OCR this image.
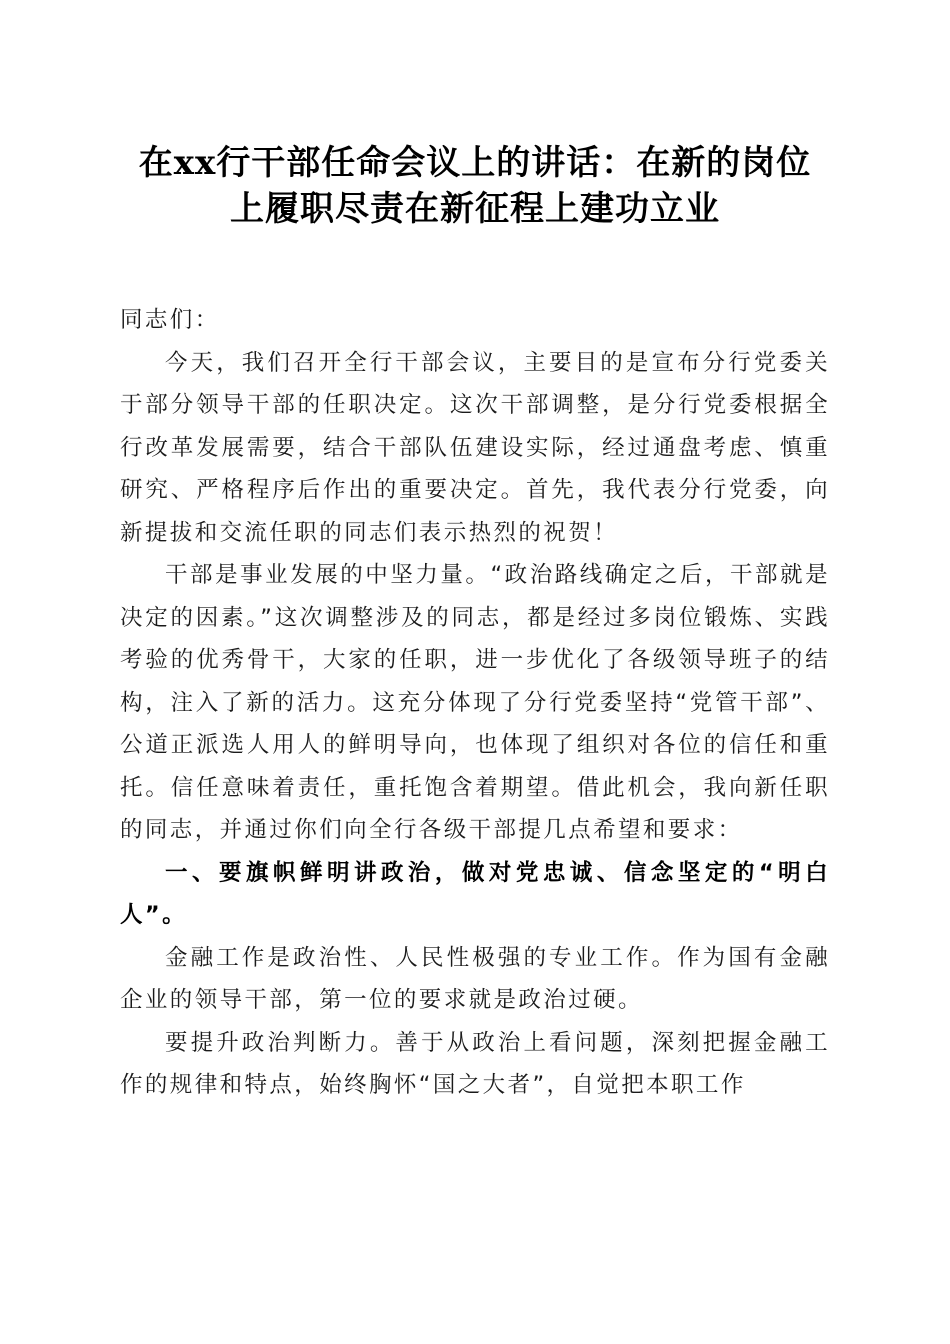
在xx行干部任命会议上的讲话：在新的岗位
上履职尽责在新征程上建功立业

同志们：

今天，我们召开全行干部会议，主要目的是宣布分行党委关于部分领导干部的任职决定。这次干部调整，是分行党委根据全行改革发展需要，结合干部队伍建设实际，经过通盘考虑、慎重研究、严格程序后作出的重要决定。首先，我代表分行党委，向新提拔和交流任职的同志们表示热烈的祝贺！

干部是事业发展的中坚力量。“政治路线确定之后，干部就是决定的因素。”这次调整涉及的同志，都是经过多岗位锻炼、实践考验的优秀骨干，大家的任职，进一步优化了各级领导班子的结构，注入了新的活力。这充分体现了分行党委坚持“党管干部”、公道正派选人用人的鲜明导向，也体现了组织对各位的信任和重托。信任意味着责任，重托饱含着期望。借此机会，我向新任职的同志，并通过你们向全行各级干部提几点希望和要求：

一、要旗帜鲜明讲政治，做对党忠诚、信念坚定的“明白人”。

金融工作是政治性、人民性极强的专业工作。作为国有金融企业的领导干部，第一位的要求就是政治过硬。

要提升政治判断力。善于从政治上看问题，深刻把握金融工作的规律和特点，始终胸怀“国之大者”，自觉把本职工作
